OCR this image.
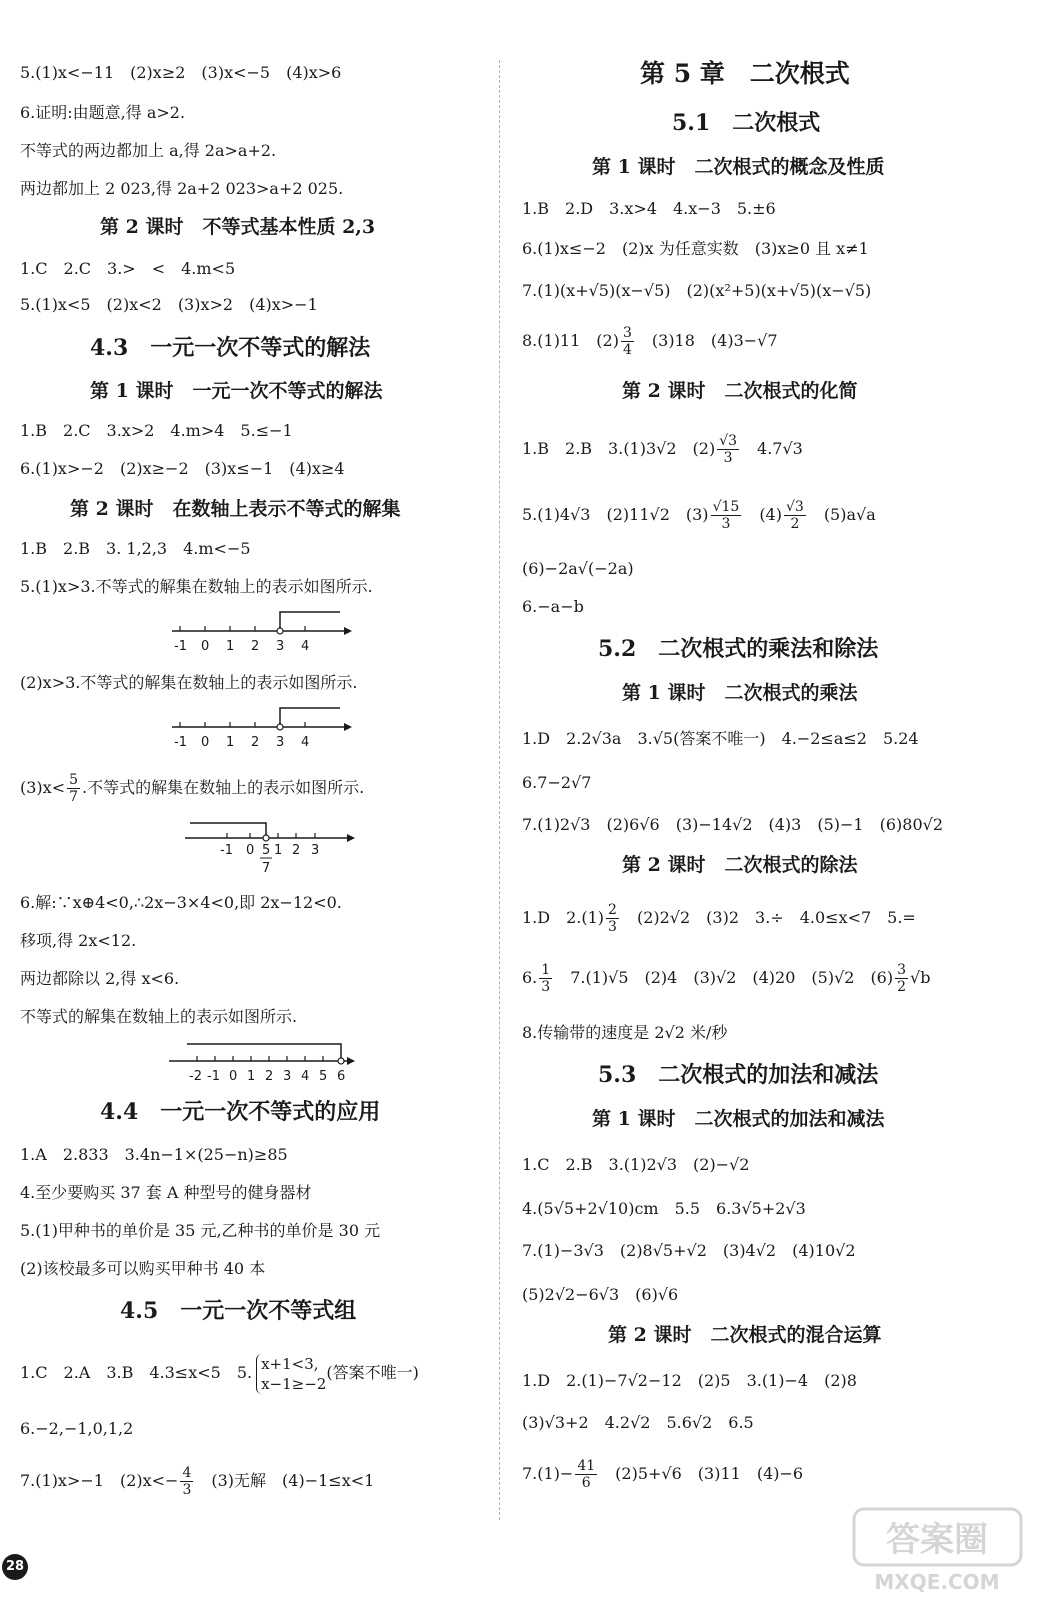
5.(1)x<−11　(2)x≥2　(3)x<−5　(4)x>6
6.证明:由题意,得 a>2.
不等式的两边都加上 a,得 2a>a+2.
两边都加上 2 023,得 2a+2 023>a+2 025.
第 2 课时　不等式基本性质 2,3
1.C　2.C　3.>　<　4.m<5
5.(1)x<5　(2)x<2　(3)x>2　(4)x>−1
4.3　一元一次不等式的解法
第 1 课时　一元一次不等式的解法
1.B　2.C　3.x>2　4.m>4　5.≤−1
6.(1)x>−2　(2)x≥−2　(3)x≤−1　(4)x≥4
第 2 课时　在数轴上表示不等式的解集
1.B　2.B　3. 1,2,3　4.m<−5
5.(1)x>3.不等式的解集在数轴上的表示如图所示.
-1 0 1 2 3 4
(2)x>3.不等式的解集在数轴上的表示如图所示.
-1 0 1 2 3 4
$(3)x< \frac{5}{7}$ .不等式的解集在数轴上的表示如图所示.
-1 0 5
7
1 2 3
6.解:∵x⊕4<0,∴2x−3×4<0,即 2x−12<0.
移项,得 2x<12.
两边都除以 2,得 x<6.
不等式的解集在数轴上的表示如图所示.
-2 -1 0 1 2 3 4 5 6
4.4　一元一次不等式的应用
1.A　2.833　3.4n−1×(25−n)≥85
4.至少要购买 37 套 A 种型号的健身器材
5.(1)甲种书的单价是 35 元,乙种书的单价是 30 元
(2)该校最多可以购买甲种书 40 本
4.5　一元一次不等式组
1.C　2.A　3.B　4.3≤x<5　5. x+1<3,
x−1≥−2
(答案不唯一)
6.−2,−1,0,1,2
7.(1)x>−1　$(2)x<- \frac{4}{3}$ 　(3)无解　(4)−1≤x<1
第 5 章　二次根式
5.1　二次根式
第 1 课时　二次根式的概念及性质
1.B　2.D　3.x>4　4.x−3　5.±6
6.(1)x≤−2　(2)x 为任意实数　(3)x≥0 且 x≠1
7.(1)(x+√5)(x−√5)　(2)(x²+5)(x+√5)(x−√5)
8.(1)11　$(2) \frac{3}{4}$ 　(3)18　(4)3−√7
第 2 课时　二次根式的化简
1.B　2.B　3.(1)3√2　$(2) \frac{√3}{3}$ 　4.7√3
5.(1)4√3　(2)11√2　$(3) \frac{√15}{3}$ 　$(4) \frac{√3}{2}$ 　(5)a√a
(6)−2a√(−2a)
6.−a−b
5.2　二次根式的乘法和除法
第 1 课时　二次根式的乘法
1.D　2.2√3a　3.√5(答案不唯一)　4.−2≤a≤2　5.24
6.7−2√7
7.(1)2√3　(2)6√6　(3)−14√2　(4)3　(5)−1　(6)80√2
第 2 课时　二次根式的除法
1.D　$2.(1) \frac{2}{3}$ 　(2)2√2　(3)2　3.÷　4.0≤x<7　5.=
6. $\frac{1}{3}$ 　7.(1)√5　(2)4　(3)√2　(4)20　(5)√2　$(6) \frac{3}{2} √b$
8.传输带的速度是 2√2 米/秒
5.3　二次根式的加法和减法
第 1 课时　二次根式的加法和减法
1.C　2.B　3.(1)2√3　(2)−√2
4.(5√5+2√10)cm　5.5　6.3√5+2√3
7.(1)−3√3　(2)8√5+√2　(3)4√2　(4)10√2
(5)2√2−6√3　(6)√6
第 2 课时　二次根式的混合运算
1.D　2.(1)−7√2−12　(2)5　3.(1)−4　(2)8
(3)√3+2　4.2√2　5.6√2　6.5
$7.(1)- \frac{41}{6}$ 　(2)5+√6　(3)11　(4)−6
28
答案圈
MXQE.COM
